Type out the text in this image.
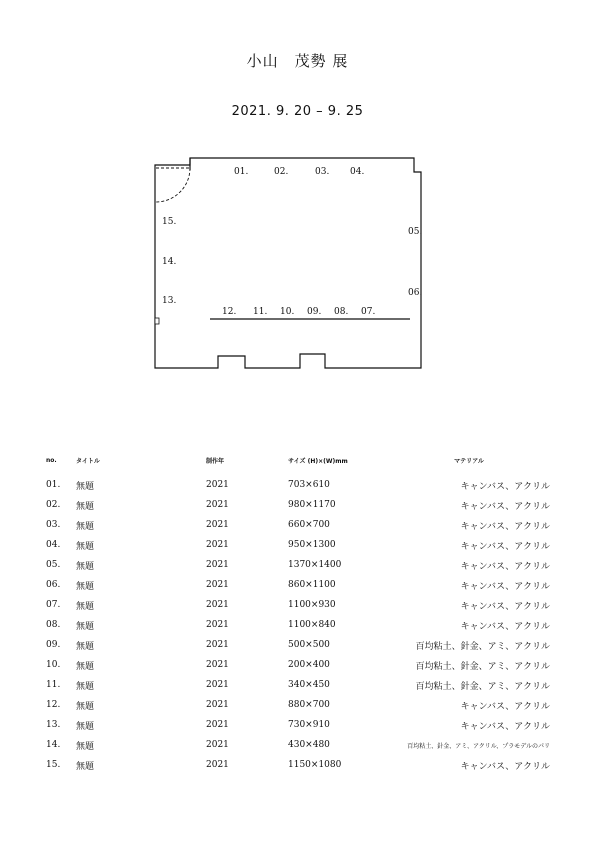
小山　茂勢 展
2021. 9. 20 – 9. 25
01.	02.	03. 04.
05.
06.
07.
08.
09.
10.
11.
12.
13.
14.
15.
no.	タイトル	制作年	サイズ (H)×(W)mm	マテリアル
01.	無題	2021	703×610	キャンバス、アクリル
02.	無題	2021	980×1170	キャンバス、アクリル
03.	無題	2021	660×700	キャンバス、アクリル
04.	無題	2021	950×1300	キャンバス、アクリル
05.	無題	2021	1370×1400	キャンバス、アクリル
06.	無題	2021	860×1100	キャンバス、アクリル
07.	無題	2021	1100×930	キャンバス、アクリル
08.	無題	2021	1100×840	キャンバス、アクリル
09.	無題	2021	500×500	百均粘土、針金、アミ、アクリル
10.	無題	2021	200×400	百均粘土、針金、アミ、アクリル
11.	無題	2021	340×450	百均粘土、針金、アミ、アクリル
12.	無題	2021	880×700	キャンバス、アクリル
13.	無題	2021	730×910	キャンバス、アクリル
14.	無題	2021	430×480	百均粘土、針金、アミ、アクリル、プラモデルのパリ
15.	無題	2021	1150×1080	キャンバス、アクリル
